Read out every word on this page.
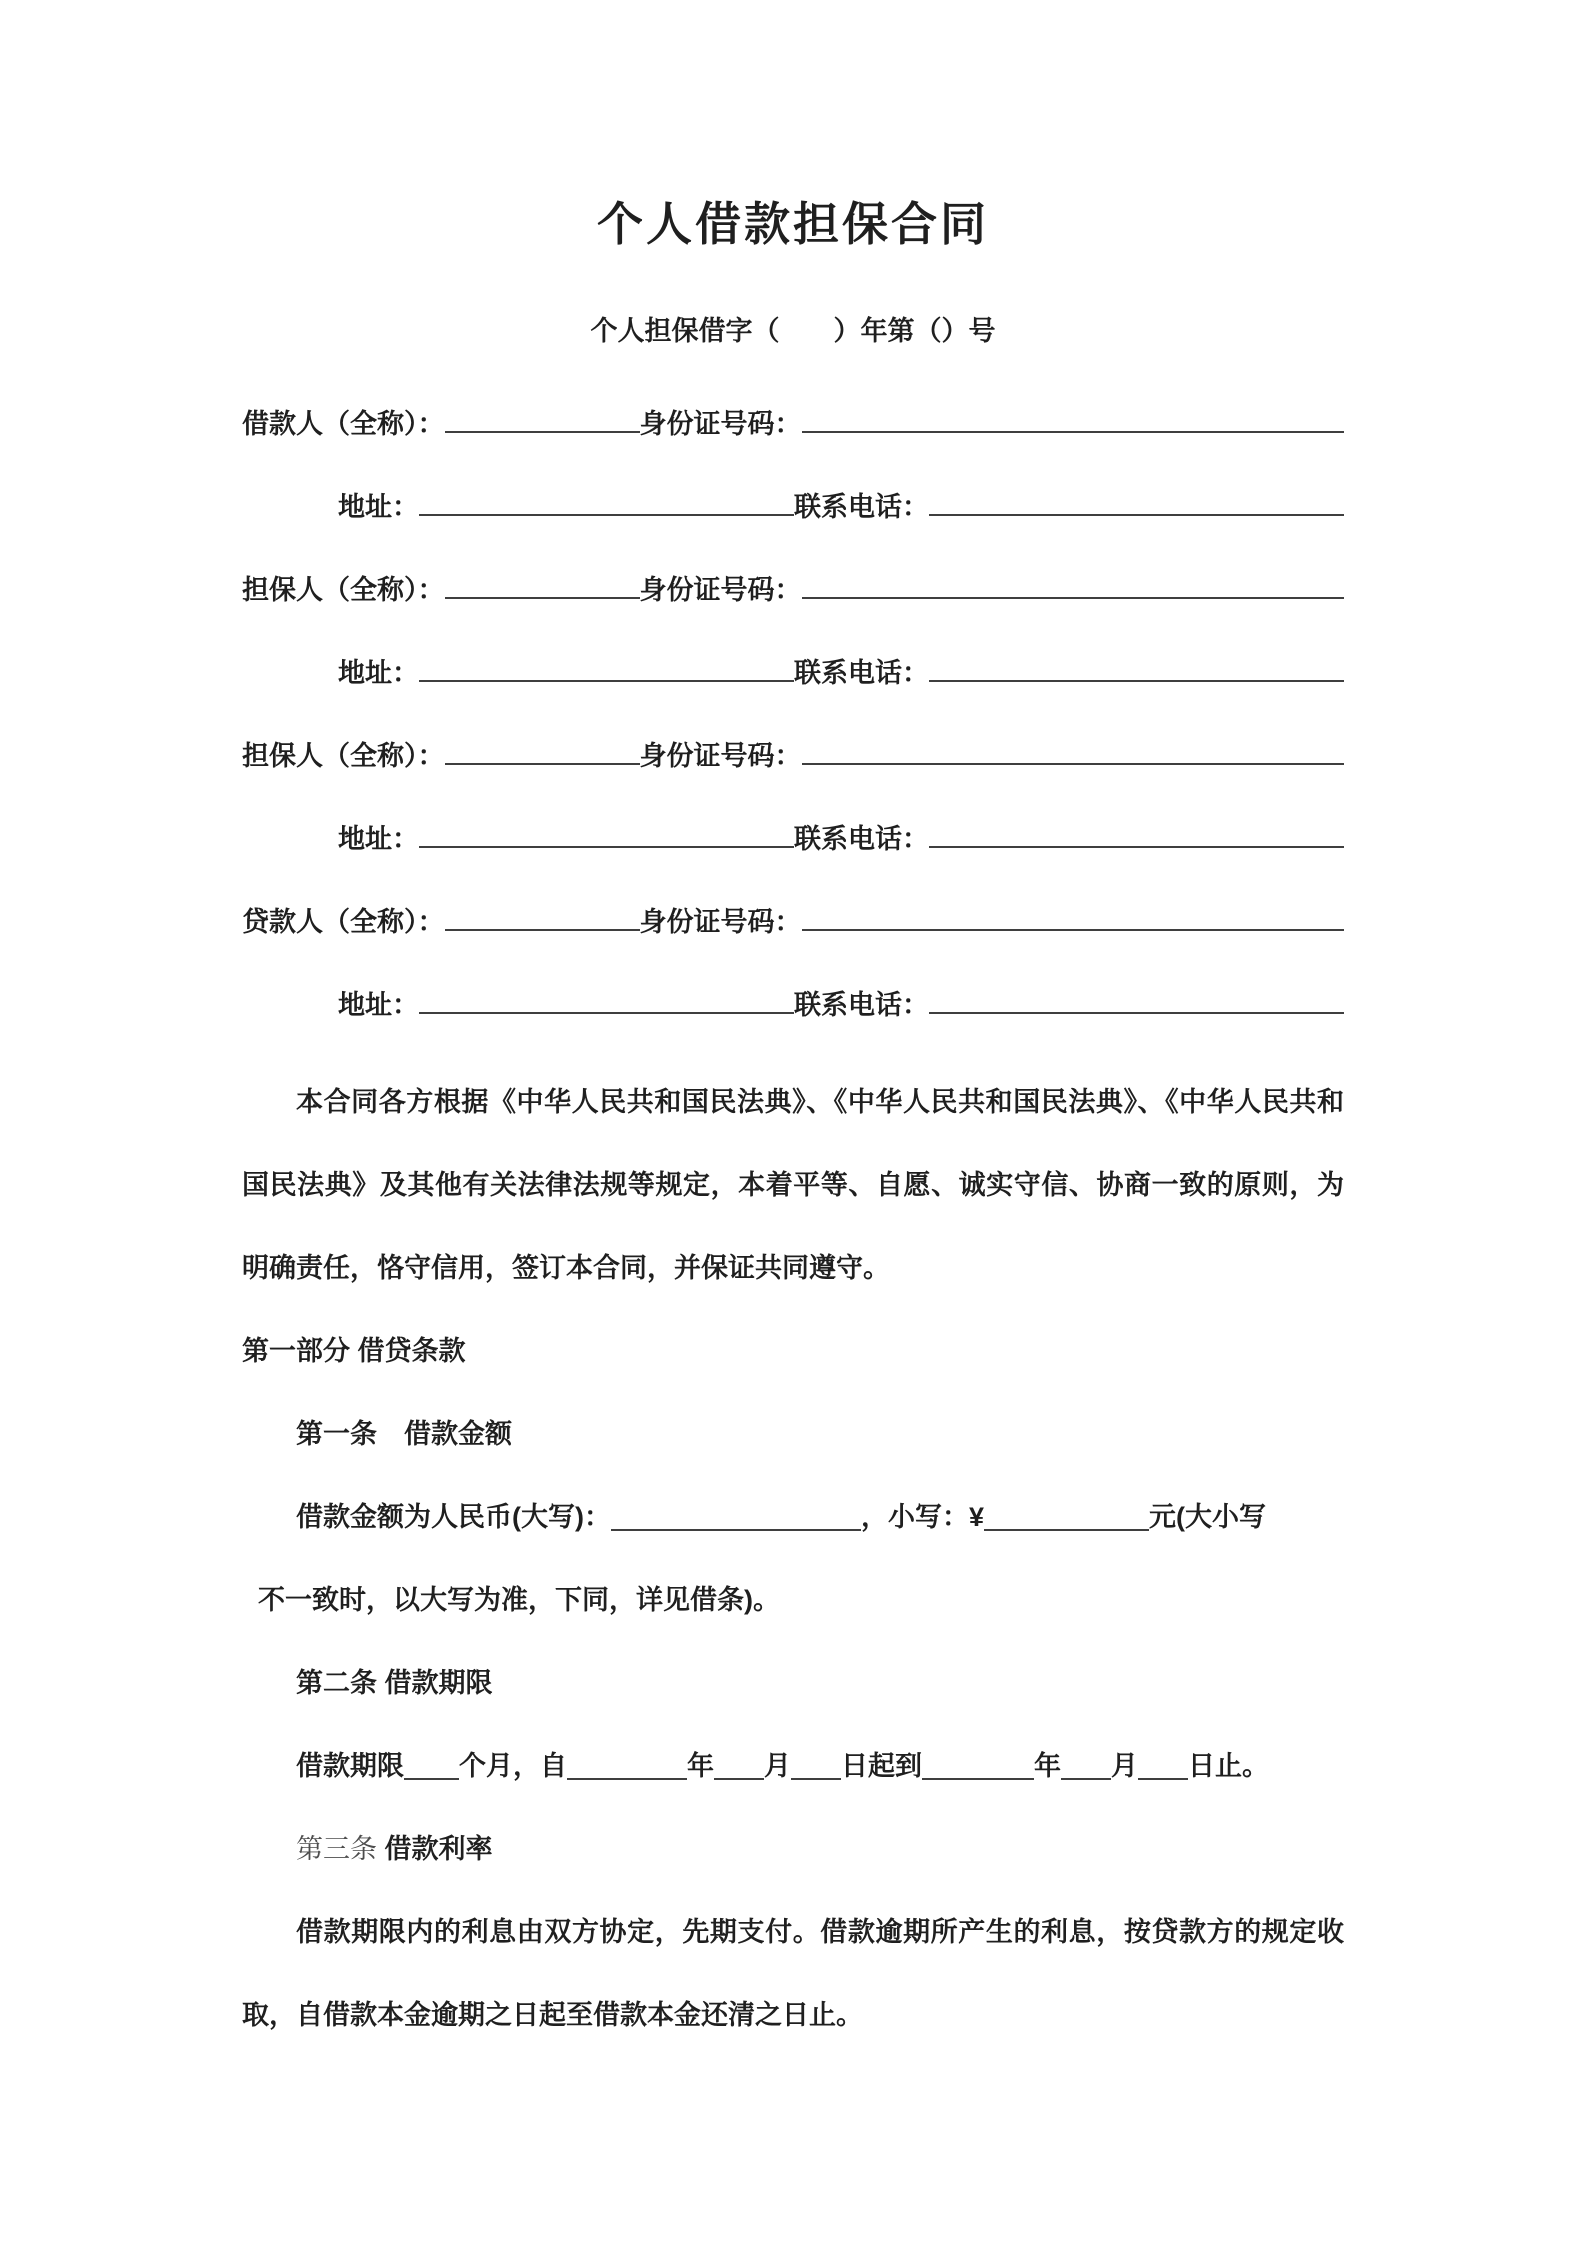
个人借款担保合同
个人担保借字（　　）年第（）号
借款人（全称）：	身份证号码：
地址：	联系电话：
担保人（全称）：	身份证号码：
地址：	联系电话：
担保人（全称）：	身份证号码：
地址：	联系电话：
贷款人（全称）：	身份证号码：
地址：	联系电话：

本合同各方根据《中华人民共和国民法典》、《中华人民共和国民法典》、《中华人民共和国民法典》及其他有关法律法规等规定，本着平等、自愿、诚实守信、协商一致的原则，为明确责任，恪守信用，签订本合同，并保证共同遵守。

第一部分 借贷条款
第一条　借款金额
借款金额为人民币(大写)：	，小写：¥	元(大小写
不一致时，以大写为准，下同，详见借条)。
第二条 借款期限
借款期限 个月，自	年 月 日起到	年 月 日止。
第三条 借款利率

借款期限内的利息由双方协定，先期支付。借款逾期所产生的利息，按贷款方的规定收取，自借款本金逾期之日起至借款本金还清之日止。
